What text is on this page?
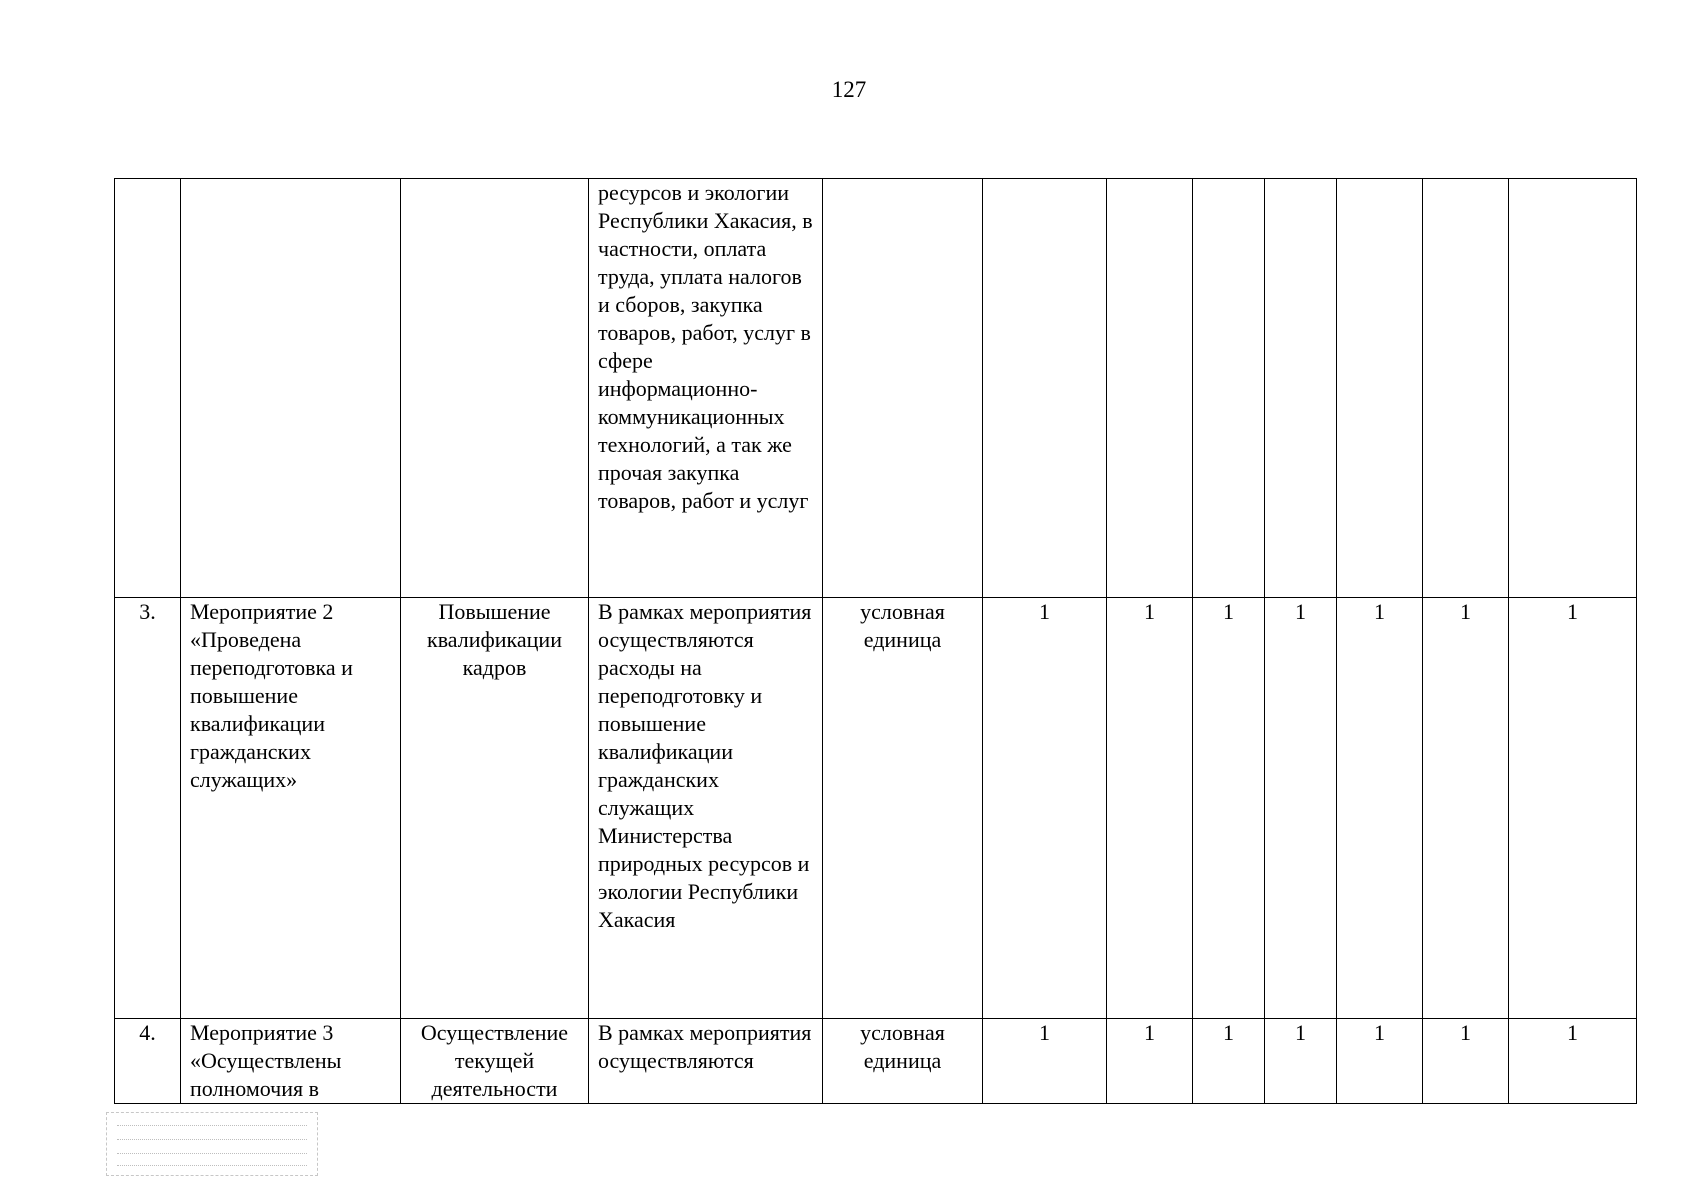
127
			ресурсов и экологии Республики Хакасия, в частности, оплата труда, уплата налогов и сборов, закупка товаров, работ, услуг в сфере информационно-коммуникационных технологий, а так же прочая закупка товаров, работ и услуг								
3.	Мероприятие 2 «Проведена переподготовка и повышение квалификации гражданских служащих»	Повышение квалификации кадров	В рамках мероприятия осуществляются расходы на переподготовку и повышение квалификации гражданских служащих Министерства природных ресурсов и экологии Республики Хакасия	условная единица	1	1	1	1	1	1	1
4.	Мероприятие 3 «Осуществлены полномочия в	Осуществление текущей деятельности	В рамках мероприятия осуществляются	условная единица	1	1	1	1	1	1	1
